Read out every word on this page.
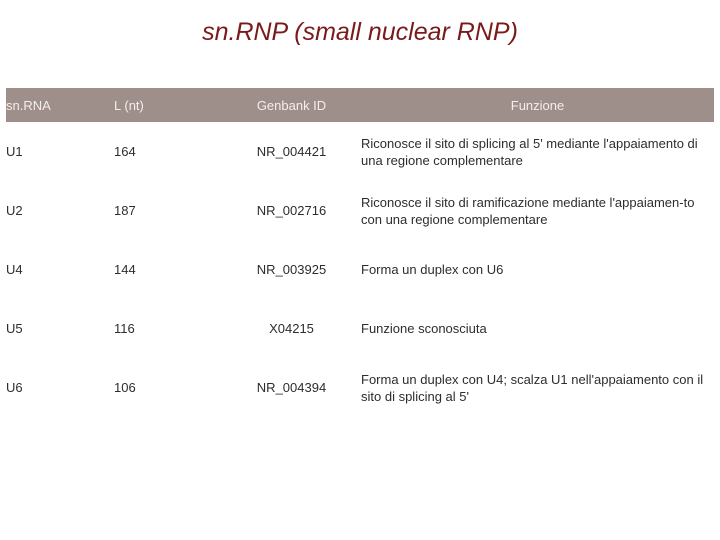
sn.RNP (small nuclear RNP)
sn.RNA	L (nt)	Genbank ID	Funzione
U1	164	NR_004421	Riconosce il sito di splicing al 5' mediante l'appaiamento di una regione complementare
U2	187	NR_002716	Riconosce il sito di ramificazione mediante l'appaiamen-to con una regione complementare
U4	144	NR_003925	Forma un duplex con U6
U5	116	X04215	Funzione sconosciuta
U6	106	NR_004394	Forma un duplex con U4; scalza U1 nell'appaiamento con il sito di splicing al 5'
